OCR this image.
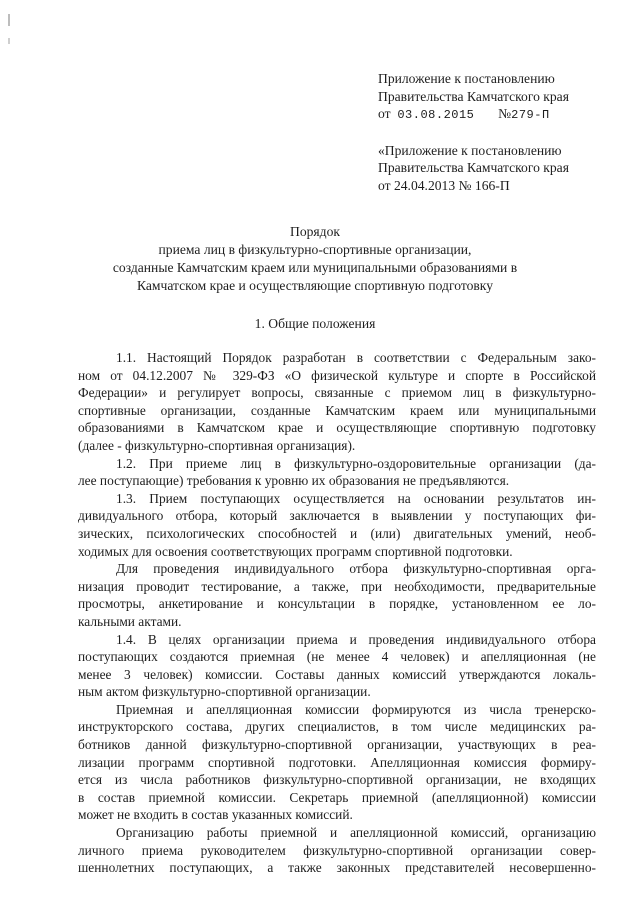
Приложение к постановлению
Правительства Камчатского края
от 03.08.2015 №279-П
«Приложение к постановлению
Правительства Камчатского края
от 24.04.2013 № 166-П
Порядок
приема лиц в физкультурно-спортивные организации,
созданные Камчатским краем или муниципальными образованиями в
Камчатском крае и осуществляющие спортивную подготовку
1. Общие положения
1.1. Настоящий Порядок разработан в соответствии с Федеральным зако-
ном от 04.12.2007 № 329-ФЗ «О физической культуре и спорте в Российской
Федерации» и регулирует вопросы, связанные с приемом лиц в физкультурно-
спортивные организации, созданные Камчатским краем или муниципальными
образованиями в Камчатском крае и осуществляющие спортивную подготовку
(далее - физкультурно-спортивная организация).
1.2. При приеме лиц в физкультурно-оздоровительные организации (да-
лее поступающие) требования к уровню их образования не предъявляются.
1.3. Прием поступающих осуществляется на основании результатов ин-
дивидуального отбора, который заключается в выявлении у поступающих фи-
зических, психологических способностей и (или) двигательных умений, необ-
ходимых для освоения соответствующих программ спортивной подготовки.
Для проведения индивидуального отбора физкультурно-спортивная орга-
низация проводит тестирование, а также, при необходимости, предварительные
просмотры, анкетирование и консультации в порядке, установленном ее ло-
кальными актами.
1.4. В целях организации приема и проведения индивидуального отбора
поступающих создаются приемная (не менее 4 человек) и апелляционная (не
менее 3 человек) комиссии. Составы данных комиссий утверждаются локаль-
ным актом физкультурно-спортивной организации.
Приемная и апелляционная комиссии формируются из числа тренерско-
инструкторского состава, других специалистов, в том числе медицинских ра-
ботников данной физкультурно-спортивной организации, участвующих в реа-
лизации программ спортивной подготовки. Апелляционная комиссия формиру-
ется из числа работников физкультурно-спортивной организации, не входящих
в состав приемной комиссии. Секретарь приемной (апелляционной) комиссии
может не входить в состав указанных комиссий.
Организацию работы приемной и апелляционной комиссий, организацию
личного приема руководителем физкультурно-спортивной организации совер-
шеннолетних поступающих, а также законных представителей несовершенно-
